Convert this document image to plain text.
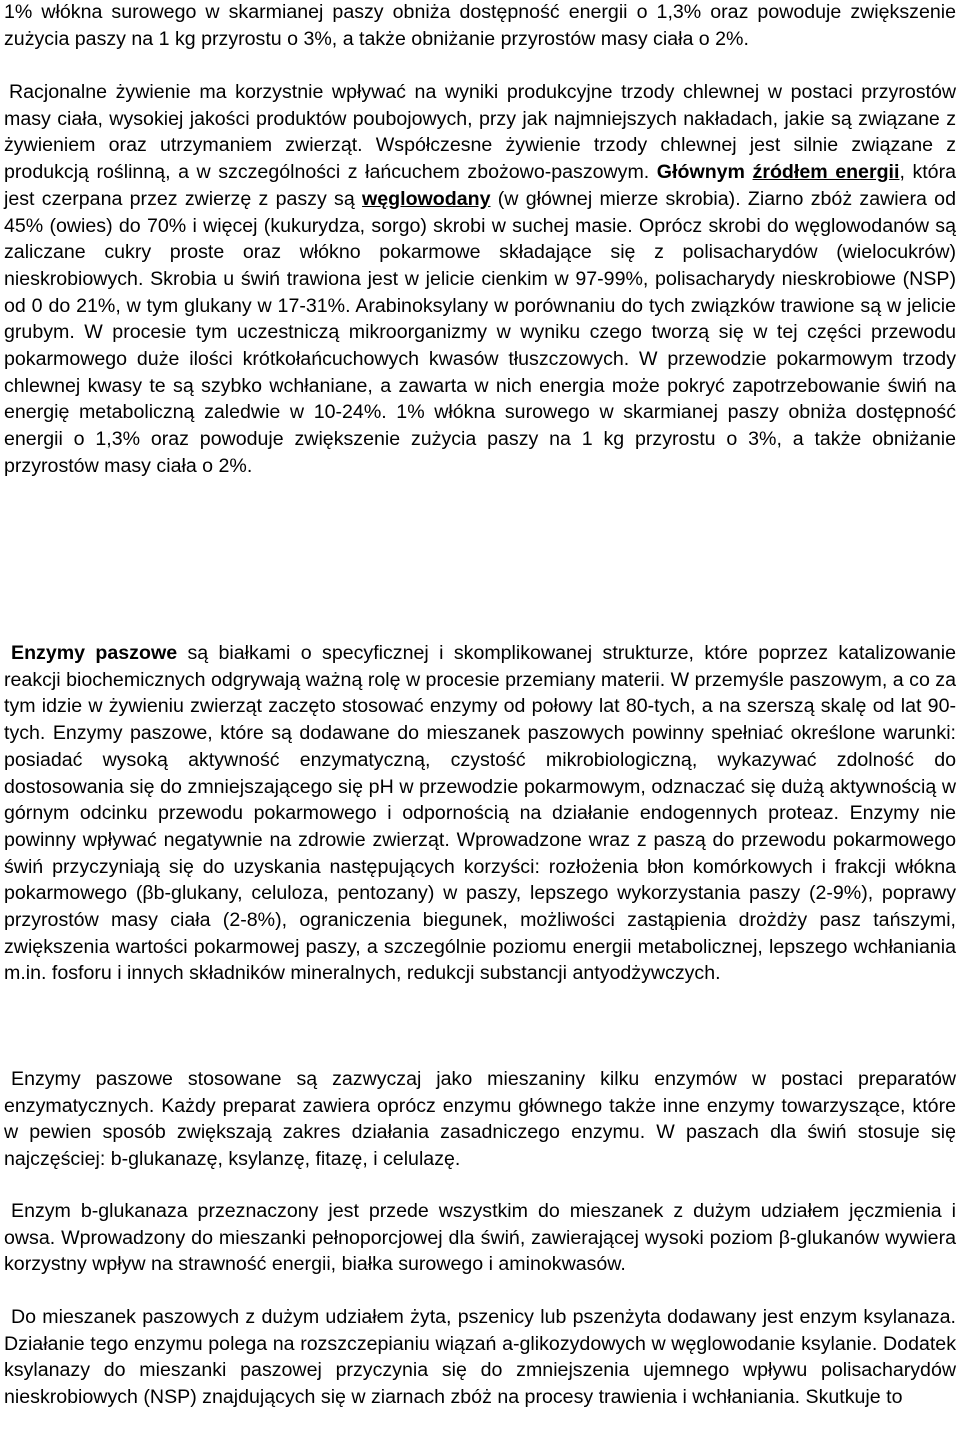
1% włókna surowego w skarmianej paszy obniża dostępność energii o 1,3% oraz powoduje zwiększenie zużycia paszy na 1 kg przyrostu o 3%, a także obniżanie przyrostów masy ciała o 2%.

Racjonalne żywienie ma korzystnie wpływać na wyniki produkcyjne trzody chlewnej w postaci przyrostów masy ciała, wysokiej jakości produktów poubojowych, przy jak najmniejszych nakładach, jakie są związane z żywieniem oraz utrzymaniem zwierząt. Współczesne żywienie trzody chlewnej jest silnie związane z produkcją roślinną, a w szczególności z łańcuchem zbożowo-paszowym. Głównym źródłem energii, która jest czerpana przez zwierzę z paszy są węglowodany (w głównej mierze skrobia). Ziarno zbóż zawiera od 45% (owies) do 70% i więcej (kukurydza, sorgo) skrobi w suchej masie. Oprócz skrobi do węglowodanów są zaliczane cukry proste oraz włókno pokarmowe składające się z polisacharydów (wielocukrów) nieskrobiowych. Skrobia u świń trawiona jest w jelicie cienkim w 97-99%, polisacharydy nieskrobiowe (NSP) od 0 do 21%, w tym glukany w 17-31%. Arabinoksylany w porównaniu do tych związków trawione są w jelicie grubym. W procesie tym uczestniczą mikroorganizmy w wyniku czego tworzą się w tej części przewodu pokarmowego duże ilości krótkołańcuchowych kwasów tłuszczowych. W przewodzie pokarmowym trzody chlewnej kwasy te są szybko wchłaniane, a zawarta w nich energia może pokryć zapotrzebowanie świń na energię metaboliczną zaledwie w 10-24%. 1% włókna surowego w skarmianej paszy obniża dostępność energii o 1,3% oraz powoduje zwiększenie zużycia paszy na 1 kg przyrostu o 3%, a także obniżanie przyrostów masy ciała o 2%.

Enzymy paszowe są białkami o specyficznej i skomplikowanej strukturze, które poprzez katalizowanie reakcji biochemicznych odgrywają ważną rolę w procesie przemiany materii. W przemyśle paszowym, a co za tym idzie w żywieniu zwierząt zaczęto stosować enzymy od połowy lat 80-tych, a na szerszą skalę od lat 90-tych. Enzymy paszowe, które są dodawane do mieszanek paszowych powinny spełniać określone warunki: posiadać wysoką aktywność enzymatyczną, czystość mikrobiologiczną, wykazywać zdolność do dostosowania się do zmniejszającego się pH w przewodzie pokarmowym, odznaczać się dużą aktywnością w górnym odcinku przewodu pokarmowego i odpornością na działanie endogennych proteaz. Enzymy nie powinny wpływać negatywnie na zdrowie zwierząt. Wprowadzone wraz z paszą do przewodu pokarmowego świń przyczyniają się do uzyskania następujących korzyści: rozłożenia błon komórkowych i frakcji włókna pokarmowego (βb-glukany, celuloza, pentozany) w paszy, lepszego wykorzystania paszy (2-9%), poprawy przyrostów masy ciała (2-8%), ograniczenia biegunek, możliwości zastąpienia drożdży pasz tańszymi, zwiększenia wartości pokarmowej paszy, a szczególnie poziomu energii metabolicznej, lepszego wchłaniania m.in. fosforu i innych składników mineralnych, redukcji substancji antyodżywczych.

Enzymy paszowe stosowane są zazwyczaj jako mieszaniny kilku enzymów w postaci preparatów enzymatycznych. Każdy preparat zawiera oprócz enzymu głównego także inne enzymy towarzyszące, które w pewien sposób zwiększają zakres działania zasadniczego enzymu. W paszach dla świń stosuje się najczęściej: b-glukanazę, ksylanzę, fitazę, i celulazę.

Enzym b-glukanaza przeznaczony jest przede wszystkim do mieszanek z dużym udziałem jęczmienia i owsa. Wprowadzony do mieszanki pełnoporcjowej dla świń, zawierającej wysoki poziom β-glukanów wywiera korzystny wpływ na strawność energii, białka surowego i aminokwasów.

Do mieszanek paszowych z dużym udziałem żyta, pszenicy lub pszenżyta dodawany jest enzym ksylanaza. Działanie tego enzymu polega na rozszczepianiu wiązań a-glikozydowych w węglowodanie ksylanie. Dodatek ksylanazy do mieszanki paszowej przyczynia się do zmniejszenia ujemnego wpływu polisacharydów nieskrobiowych (NSP) znajdujących się w ziarnach zbóż na procesy trawienia i wchłaniania. Skutkuje to
